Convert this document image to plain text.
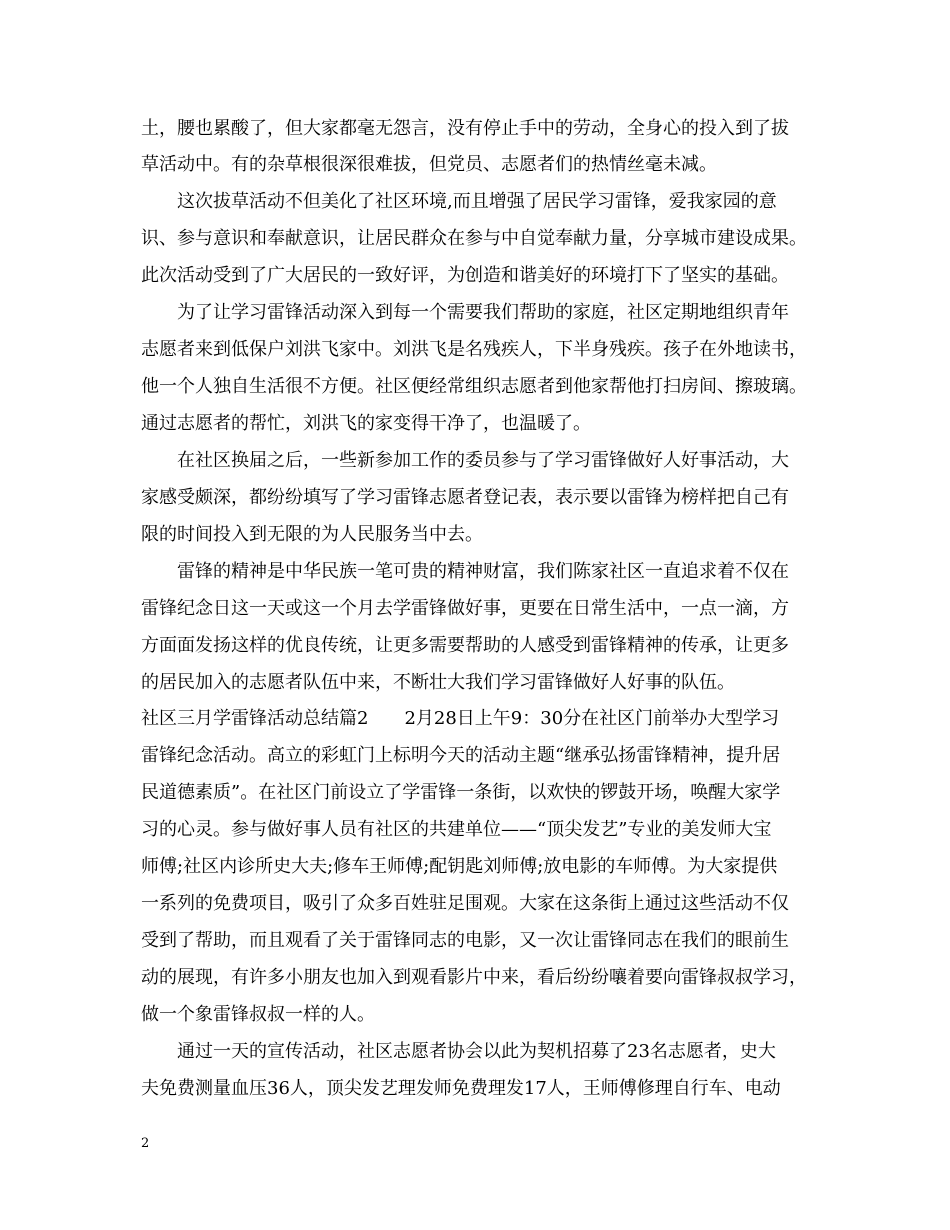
土，腰也累酸了，但大家都毫无怨言，没有停止手中的劳动，全身心的投入到了拔
草活动中。有的杂草根很深很难拔，但党员、志愿者们的热情丝毫未减。
　　这次拔草活动不但美化了社区环境,而且增强了居民学习雷锋，爱我家园的意
识、参与意识和奉献意识，让居民群众在参与中自觉奉献力量，分享城市建设成果。
此次活动受到了广大居民的一致好评，为创造和谐美好的环境打下了坚实的基础。
　　为了让学习雷锋活动深入到每一个需要我们帮助的家庭，社区定期地组织青年
志愿者来到低保户刘洪飞家中。刘洪飞是名残疾人，下半身残疾。孩子在外地读书，
他一个人独自生活很不方便。社区便经常组织志愿者到他家帮他打扫房间、擦玻璃。
通过志愿者的帮忙，刘洪飞的家变得干净了，也温暖了。
　　在社区换届之后，一些新参加工作的委员参与了学习雷锋做好人好事活动，大
家感受颇深，都纷纷填写了学习雷锋志愿者登记表，表示要以雷锋为榜样把自己有
限的时间投入到无限的为人民服务当中去。
　　雷锋的精神是中华民族一笔可贵的精神财富，我们陈家社区一直追求着不仅在
雷锋纪念日这一天或这一个月去学雷锋做好事，更要在日常生活中，一点一滴，方
方面面发扬这样的优良传统，让更多需要帮助的人感受到雷锋精神的传承，让更多
的居民加入的志愿者队伍中来，不断壮大我们学习雷锋做好人好事的队伍。
社区三月学雷锋活动总结篇2　　2月28日上午9：30分在社区门前举办大型学习
雷锋纪念活动。高立的彩虹门上标明今天的活动主题“继承弘扬雷锋精神，提升居
民道德素质”。在社区门前设立了学雷锋一条街，以欢快的锣鼓开场，唤醒大家学
习的心灵。参与做好事人员有社区的共建单位——“顶尖发艺”专业的美发师大宝
师傅;社区内诊所史大夫;修车王师傅;配钥匙刘师傅;放电影的车师傅。为大家提供
一系列的免费项目，吸引了众多百姓驻足围观。大家在这条街上通过这些活动不仅
受到了帮助，而且观看了关于雷锋同志的电影，又一次让雷锋同志在我们的眼前生
动的展现，有许多小朋友也加入到观看影片中来，看后纷纷嚷着要向雷锋叔叔学习，
做一个象雷锋叔叔一样的人。
　　通过一天的宣传活动，社区志愿者协会以此为契机招募了23名志愿者，史大
夫免费测量血压36人，顶尖发艺理发师免费理发17人，王师傅修理自行车、电动
2
